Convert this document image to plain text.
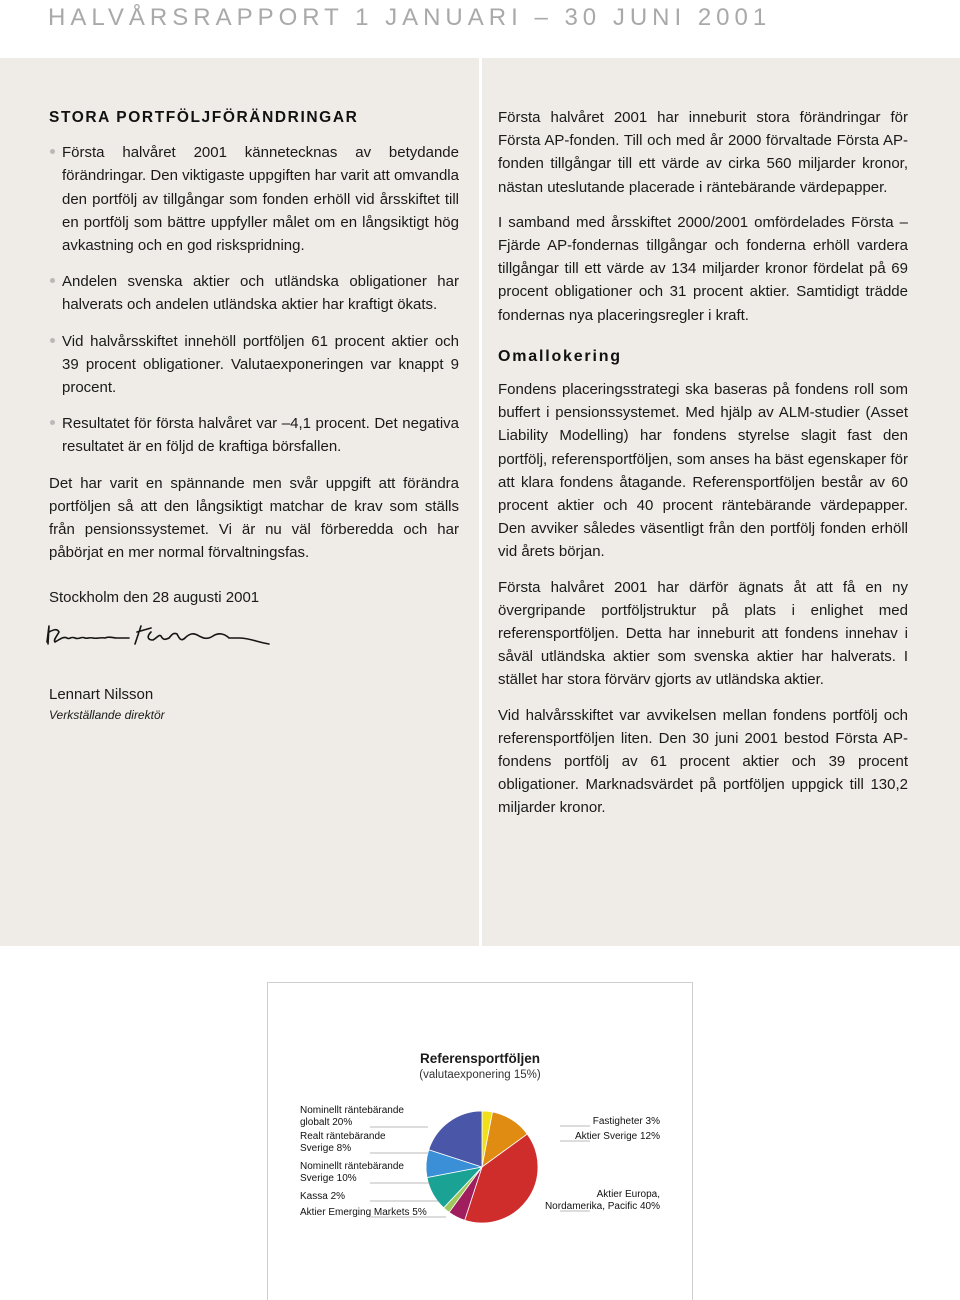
HALVÅRSRAPPORT 1 JANUARI – 30 JUNI 2001
STORA PORTFÖLJFÖRÄNDRINGAR
Första halvåret 2001 kännetecknas av betydande förändringar. Den viktigaste uppgiften har varit att omvandla den portfölj av tillgångar som fonden erhöll vid årsskiftet till en portfölj som bättre uppfyller målet om en långsiktigt hög avkastning och en god riskspridning.
Andelen svenska aktier och utländska obligationer har halverats och andelen utländska aktier har kraftigt ökats.
Vid halvårsskiftet innehöll portföljen 61 procent aktier och 39 procent obligationer. Valutaexponeringen var knappt 9 procent.
Resultatet för första halvåret var –4,1 procent. Det negativa resultatet är en följd de kraftiga börsfallen.
Det har varit en spännande men svår uppgift att förändra portföljen så att den långsiktigt matchar de krav som ställs från pensionssystemet. Vi är nu väl förberedda och har påbörjat en mer normal förvaltningsfas.
Stockholm den 28 augusti 2001
Lennart Nilsson
Verkställande direktör
Första halvåret 2001 har inneburit stora förändringar för Första AP-fonden. Till och med år 2000 förvaltade Första AP-fonden tillgångar till ett värde av cirka 560 miljarder kronor, nästan uteslutande placerade i räntebärande värdepapper.
I samband med årsskiftet 2000/2001 omfördelades Första – Fjärde AP-fondernas tillgångar och fonderna erhöll vardera tillgångar till ett värde av 134 miljarder kronor fördelat på 69 procent obligationer och 31 procent aktier. Samtidigt trädde fondernas nya placeringsregler i kraft.
Omallokering
Fondens placeringsstrategi ska baseras på fondens roll som buffert i pensionssystemet. Med hjälp av ALM-studier (Asset Liability Modelling) har fondens styrelse slagit fast den portfölj, referensportföljen, som anses ha bäst egenskaper för att klara fondens åtagande. Referensportföljen består av 60 procent aktier och 40 procent räntebärande värdepapper. Den avviker således väsentligt från den portfölj fonden erhöll vid årets början.
Första halvåret 2001 har därför ägnats åt att få en ny övergripande portföljstruktur på plats i enlighet med referensportföljen. Detta har inneburit att fondens innehav i såväl utländska aktier som svenska aktier har halverats. I stället har stora förvärv gjorts av utländska aktier.
Vid halvårsskiftet var avvikelsen mellan fondens portfölj och referensportföljen liten. Den 30 juni 2001 bestod Första AP-fondens portfölj av 61 procent aktier och 39 procent obligationer. Marknadsvärdet på portföljen uppgick till 130,2 miljarder kronor.
Referensportföljen
(valutaexponering 15%)
Fastigheter 3%
Aktier Sverige 12%
Aktier Europa, Nordamerika, Pacific 40%
Aktier Emerging Markets 5%
Kassa 2%
Nominellt räntebärande Sverige 10%
Realt räntebärande Sverige 8%
Nominellt räntebärande globalt 20%
